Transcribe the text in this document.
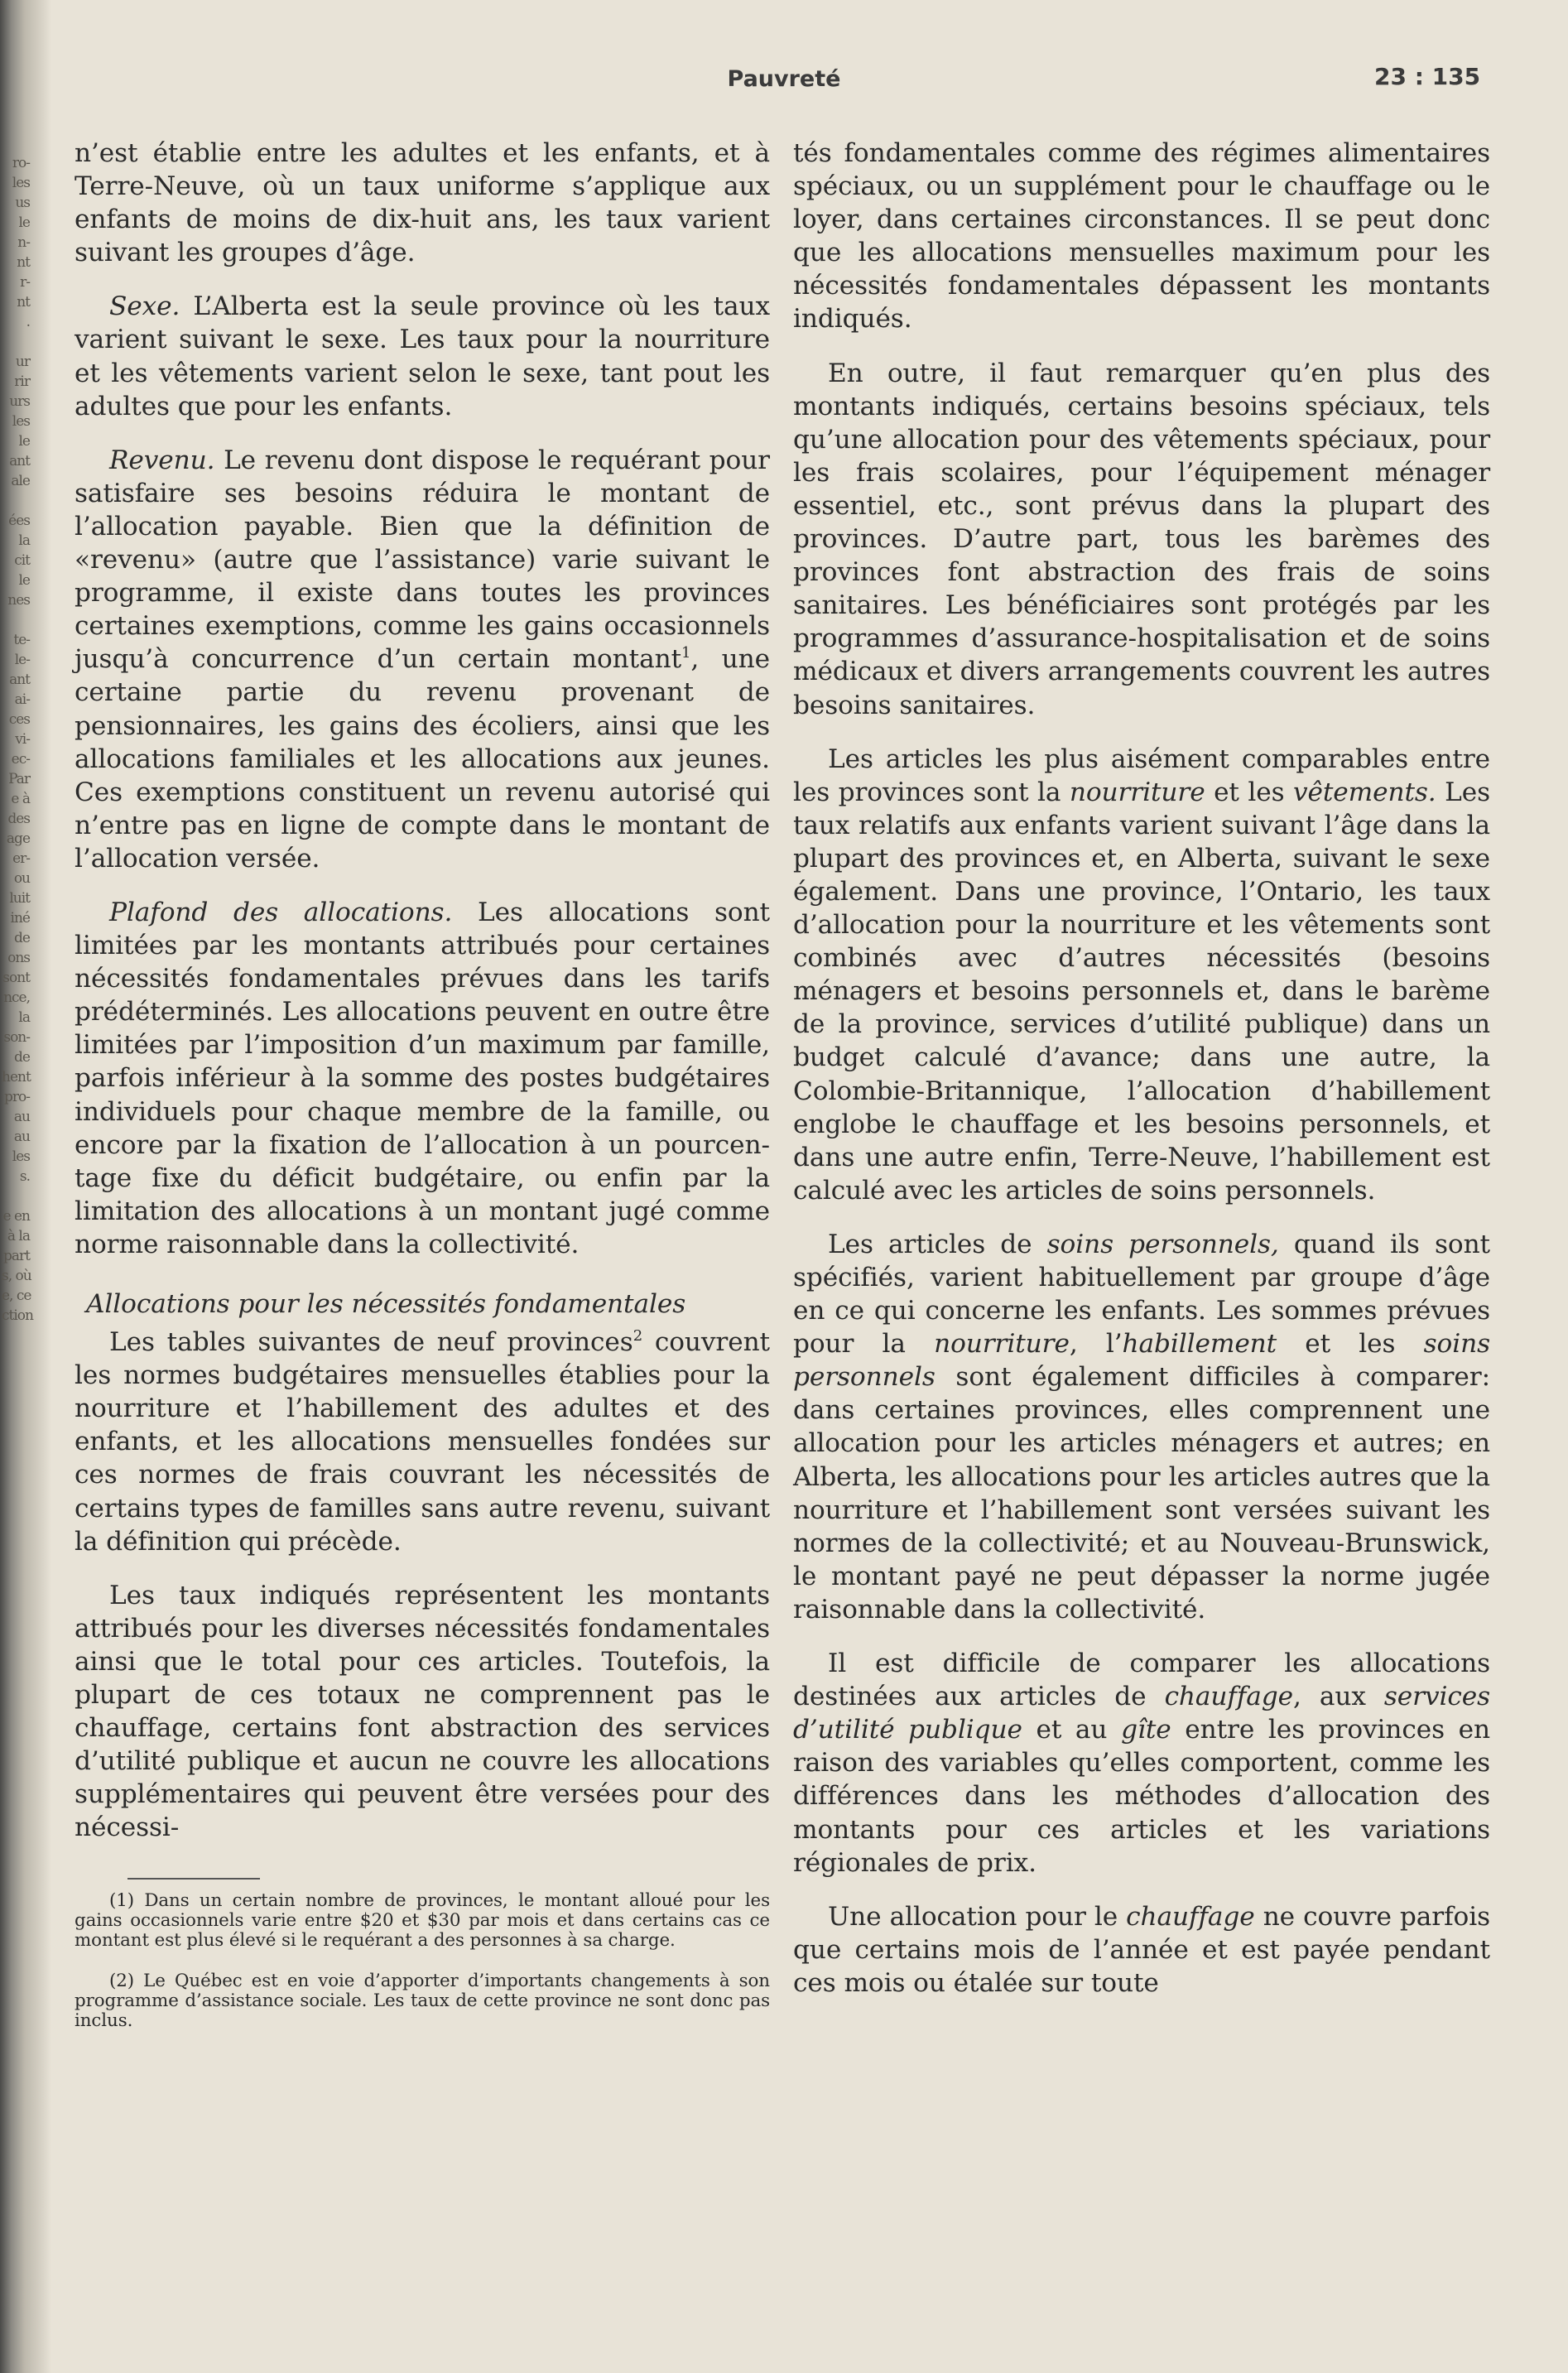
ro-
les
us
le
n-
nt
r-
nt
.

ur
rir
urs
les
le
ant
ale

ées
la
cit
le
nes

te-
le-
ant
ai-
ces
vi-
ec-
Par
e à
des
age
er-
ou
luit
iné
de
ons
sont
nce,
la
son-
de
hent
pro-
au
au
les
s.

e en
à la
part
s, où
e, ce
ction
Pauvreté	23 : 135

n’est établie entre les adultes et les enfants, et à Terre-Neuve, où un taux uniforme s’applique aux enfants de moins de dix-huit ans, les taux varient suivant les groupes d’âge.

Sexe. L’Alberta est la seule province où les taux varient suivant le sexe. Les taux pour la nourriture et les vêtements varient selon le sexe, tant pout les adultes que pour les enfants.

Revenu. Le revenu dont dispose le requérant pour satisfaire ses besoins réduira le montant de l’allocation payable. Bien que la définition de «revenu» (autre que l’assistance) varie suivant le programme, il existe dans toutes les provinces certaines exemptions, comme les gains occasionnels jusqu’à concurrence d’un certain montant$^1$, une certaine partie du revenu provenant de pensionnaires, les gains des écoliers, ainsi que les allocations familiales et les allocations aux jeunes. Ces exemptions constituent un revenu autorisé qui n’entre pas en ligne de compte dans le montant de l’allocation versée.

Plafond des allocations. Les allocations sont limitées par les montants attribués pour certaines nécessités fondamentales prévues dans les tarifs prédéterminés. Les allocations peuvent en outre être limitées par l’imposition d’un maximum par famille, parfois inférieur à la somme des postes budgétaires individuels pour chaque membre de la famille, ou encore par la fixation de l’allocation à un pourcentage fixe du déficit budgétaire, ou enfin par la limitation des allocations à un montant jugé comme norme raisonnable dans la collectivité.

Allocations pour les nécessités fondamentales

Les tables suivantes de neuf provinces$^2$ couvrent les normes budgétaires mensuelles établies pour la nourriture et l’habillement des adultes et des enfants, et les allocations mensuelles fondées sur ces normes de frais couvrant les nécessités de certains types de familles sans autre revenu, suivant la définition qui précède.

Les taux indiqués représentent les montants attribués pour les diverses nécessités fondamentales ainsi que le total pour ces articles. Toutefois, la plupart de ces totaux ne comprennent pas le chauffage, certains font abstraction des services d’utilité publique et aucun ne couvre les allocations supplémentaires qui peuvent être versées pour des nécessi-

(1) Dans un certain nombre de provinces, le montant alloué pour les gains occasionnels varie entre $20 et $30 par mois et dans certains cas ce montant est plus élevé si le requérant a des personnes à sa charge.

(2) Le Québec est en voie d’apporter d’importants changements à son programme d’assistance sociale. Les taux de cette province ne sont donc pas inclus.

tés fondamentales comme des régimes alimentaires spéciaux, ou un supplément pour le chauffage ou le loyer, dans certaines circonstances. Il se peut donc que les allocations mensuelles maximum pour les nécessités fondamentales dépassent les montants indiqués.

En outre, il faut remarquer qu’en plus des montants indiqués, certains besoins spéciaux, tels qu’une allocation pour des vêtements spéciaux, pour les frais scolaires, pour l’équipement ménager essentiel, etc., sont prévus dans la plupart des provinces. D’autre part, tous les barèmes des provinces font abstraction des frais de soins sanitaires. Les bénéficiaires sont protégés par les programmes d’assurance-hospitalisation et de soins médicaux et divers arrangements couvrent les autres besoins sanitaires.

Les articles les plus aisément comparables entre les provinces sont la nourriture et les vêtements. Les taux relatifs aux enfants varient suivant l’âge dans la plupart des provinces et, en Alberta, suivant le sexe également. Dans une province, l’Ontario, les taux d’allocation pour la nourriture et les vêtements sont combinés avec d’autres nécessités (besoins ménagers et besoins personnels et, dans le barème de la province, services d’utilité publique) dans un budget calculé d’avance; dans une autre, la Colombie-Britannique, l’allocation d’habillement englobe le chauffage et les besoins personnels, et dans une autre enfin, Terre-Neuve, l’habillement est calculé avec les articles de soins personnels.

Les articles de soins personnels, quand ils sont spécifiés, varient habituellement par groupe d’âge en ce qui concerne les enfants. Les sommes prévues pour la nourriture, l’habillement et les soins personnels sont également difficiles à comparer: dans certaines provinces, elles comprennent une allocation pour les articles ménagers et autres; en Alberta, les allocations pour les articles autres que la nourriture et l’habillement sont versées suivant les normes de la collectivité; et au Nouveau-Brunswick, le montant payé ne peut dépasser la norme jugée raisonnable dans la collectivité.

Il est difficile de comparer les allocations destinées aux articles de chauffage, aux services d’utilité publique et au gîte entre les provinces en raison des variables qu’elles comportent, comme les différences dans les méthodes d’allocation des montants pour ces articles et les variations régionales de prix.

Une allocation pour le chauffage ne couvre parfois que certains mois de l’année et est payée pendant ces mois ou étalée sur toute
